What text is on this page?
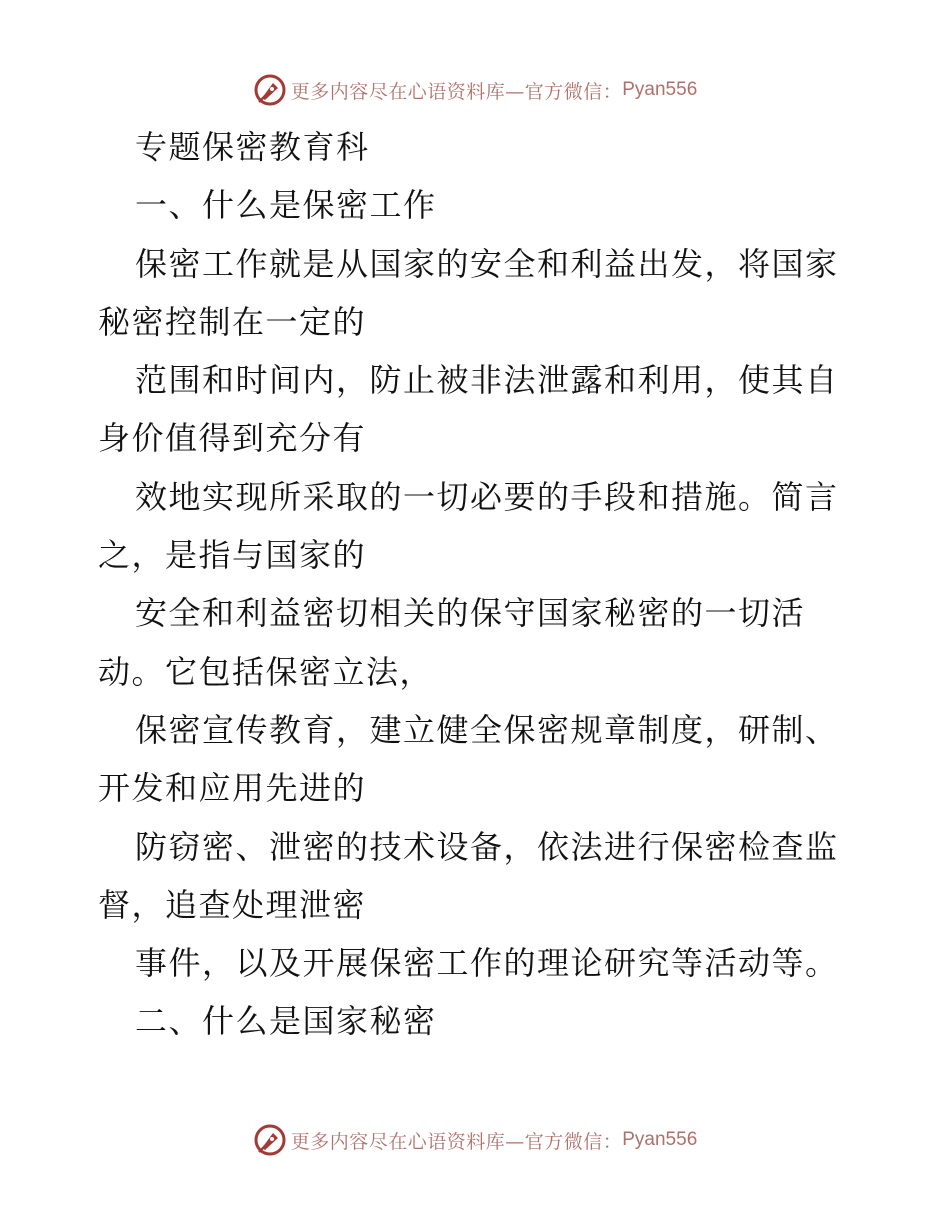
更多内容尽在心语资料库—官方微信： Pyan556
专题保密教育科
一、什么是保密工作
保密工作就是从国家的安全和利益出发，将国家
秘密控制在一定的
范围和时间内，防止被非法泄露和利用，使其自
身价值得到充分有
效地实现所采取的一切必要的手段和措施。简言
之，是指与国家的
安全和利益密切相关的保守国家秘密的一切活
动。它包括保密立法，
保密宣传教育，建立健全保密规章制度，研制、
开发和应用先进的
防窃密、泄密的技术设备，依法进行保密检查监
督，追查处理泄密
事件，以及开展保密工作的理论研究等活动等。
二、什么是国家秘密
更多内容尽在心语资料库—官方微信： Pyan556
